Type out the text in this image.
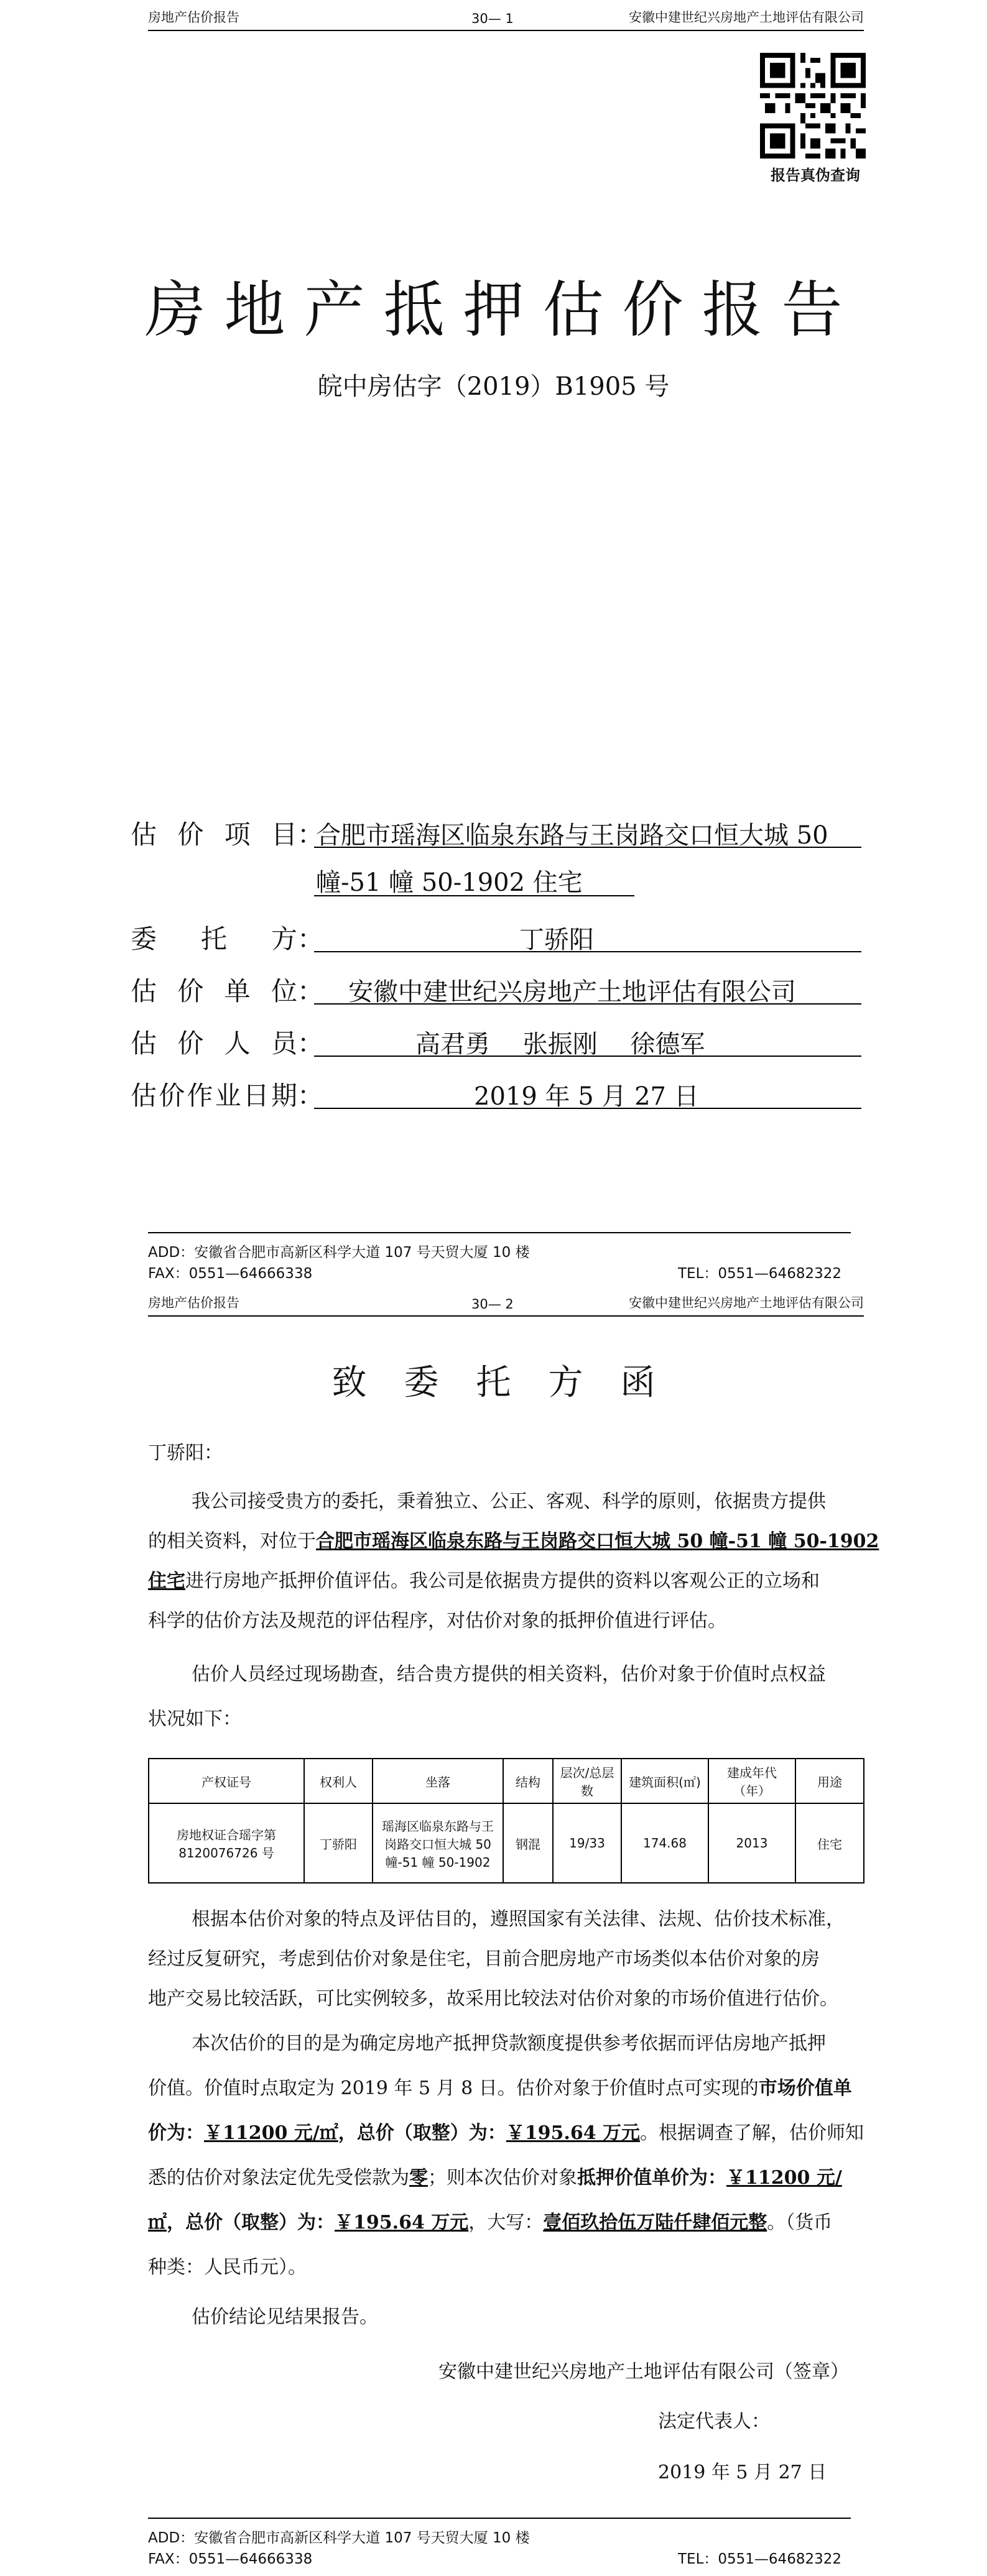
房地产估价报告	30— 1	安徽中建世纪兴房地产土地评估有限公司
报告真伪查询
房地产抵押估价报告
皖中房估字（2019）B1905 号
估价项目：
合肥市瑶海区临泉东路与王岗路交口恒大城 50
幢-51 幢 50-1902 住宅
委托方：	丁骄阳
估价单位： 安徽中建世纪兴房地产土地评估有限公司
估价人员：	高君勇　 张振刚　 徐德军
估价作业日期：	2019 年 5 月 27 日
ADD：安徽省合肥市高新区科学大道 107 号天贸大厦 10 楼
FAX：0551—64666338	TEL：0551—64682322
房地产估价报告	30— 2	安徽中建世纪兴房地产土地评估有限公司
致委托方函
丁骄阳：
我公司接受贵方的委托，秉着独立、公正、客观、科学的原则，依据贵方提供
的相关资料，对位于合肥市瑶海区临泉东路与王岗路交口恒大城 50 幢-51 幢 50-1902
住宅进行房地产抵押价值评估。我公司是依据贵方提供的资料以客观公正的立场和
科学的估价方法及规范的评估程序，对估价对象的抵押价值进行评估。
估价人员经过现场勘查，结合贵方提供的相关资料，估价对象于价值时点权益
状况如下：
产权证号	权利人	坐落	结构	层次/总层数	建筑面积(㎡)	建成年代（年）	用途
房地权证合瑶字第 8120076726 号	丁骄阳	瑶海区临泉东路与王岗路交口恒大城 50 幢-51 幢 50-1902	钢混	19/33	174.68	2013	住宅
根据本估价对象的特点及评估目的，遵照国家有关法律、法规、估价技术标准，
经过反复研究，考虑到估价对象是住宅，目前合肥房地产市场类似本估价对象的房
地产交易比较活跃，可比实例较多，故采用比较法对估价对象的市场价值进行估价。
本次估价的目的是为确定房地产抵押贷款额度提供参考依据而评估房地产抵押
价值。价值时点取定为 2019 年 5 月 8 日。估价对象于价值时点可实现的市场价值单
价为：￥11200 元/㎡，总价（取整）为：￥195.64 万元。根据调查了解，估价师知
悉的估价对象法定优先受偿款为零；则本次估价对象抵押价值单价为：￥11200 元/
㎡，总价（取整）为：￥195.64 万元，大写：壹佰玖拾伍万陆仟肆佰元整。（货币
种类：人民币元）。
估价结论见结果报告。
安徽中建世纪兴房地产土地评估有限公司（签章）
法定代表人：
2019 年 5 月 27 日
ADD：安徽省合肥市高新区科学大道 107 号天贸大厦 10 楼
FAX：0551—64666338	TEL：0551—64682322
